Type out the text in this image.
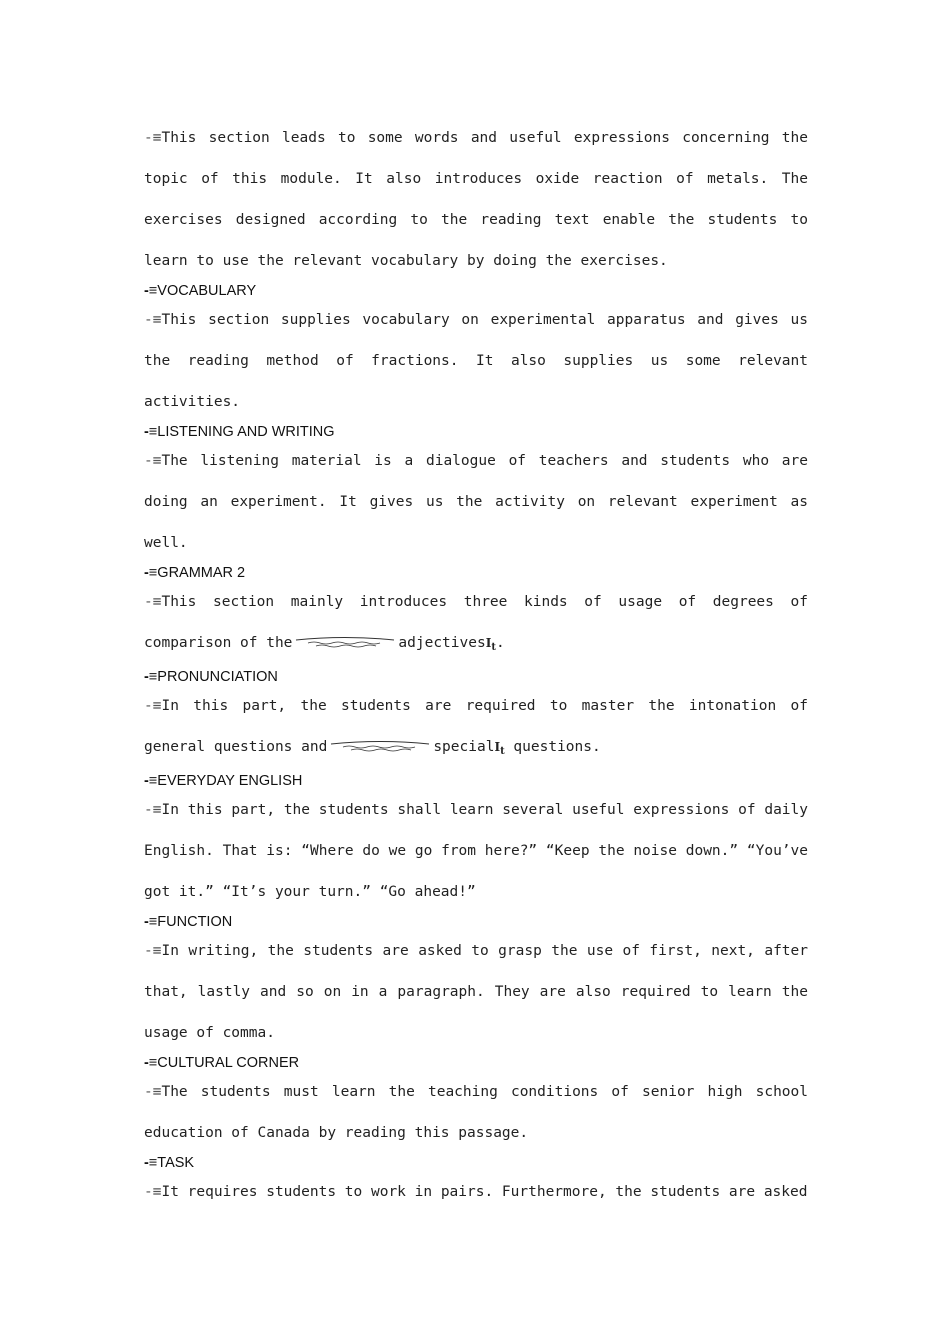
-≡This section leads to some words and useful expressions concerning the topic of this module. It also introduces oxide reaction of metals. The exercises designed according to the reading text enable the students to learn to use the relevant vocabulary by doing the exercises.

-≡VOCABULARY

-≡This section supplies vocabulary on experimental apparatus and gives us the reading method of fractions. It also supplies us some relevant activities.

-≡LISTENING AND WRITING

-≡The listening material is a dialogue of teachers and students who are doing an experiment. It gives us the activity on relevant experiment as well.

-≡GRAMMAR 2

-≡This section mainly introduces three kinds of usage of degrees of comparison of the	adjectivesI$_t$.

-≡PRONUNCIATION

-≡In this part, the students are required to master the intonation of general questions and	specialI$_t$ questions.

-≡EVERYDAY ENGLISH

-≡In this part, the students shall learn several useful expressions of daily English. That is: “Where do we go from here?” “Keep the noise down.” “You’ve got it.” “It’s your turn.” “Go ahead!”

-≡FUNCTION

-≡In writing, the students are asked to grasp the use of first, next, after that, lastly and so on in a paragraph. They are also required to learn the usage of comma.

-≡CULTURAL CORNER

-≡The students must learn the teaching conditions of senior high school education of Canada by reading this passage.

-≡TASK

-≡It requires students to work in pairs. Furthermore, the students are asked
